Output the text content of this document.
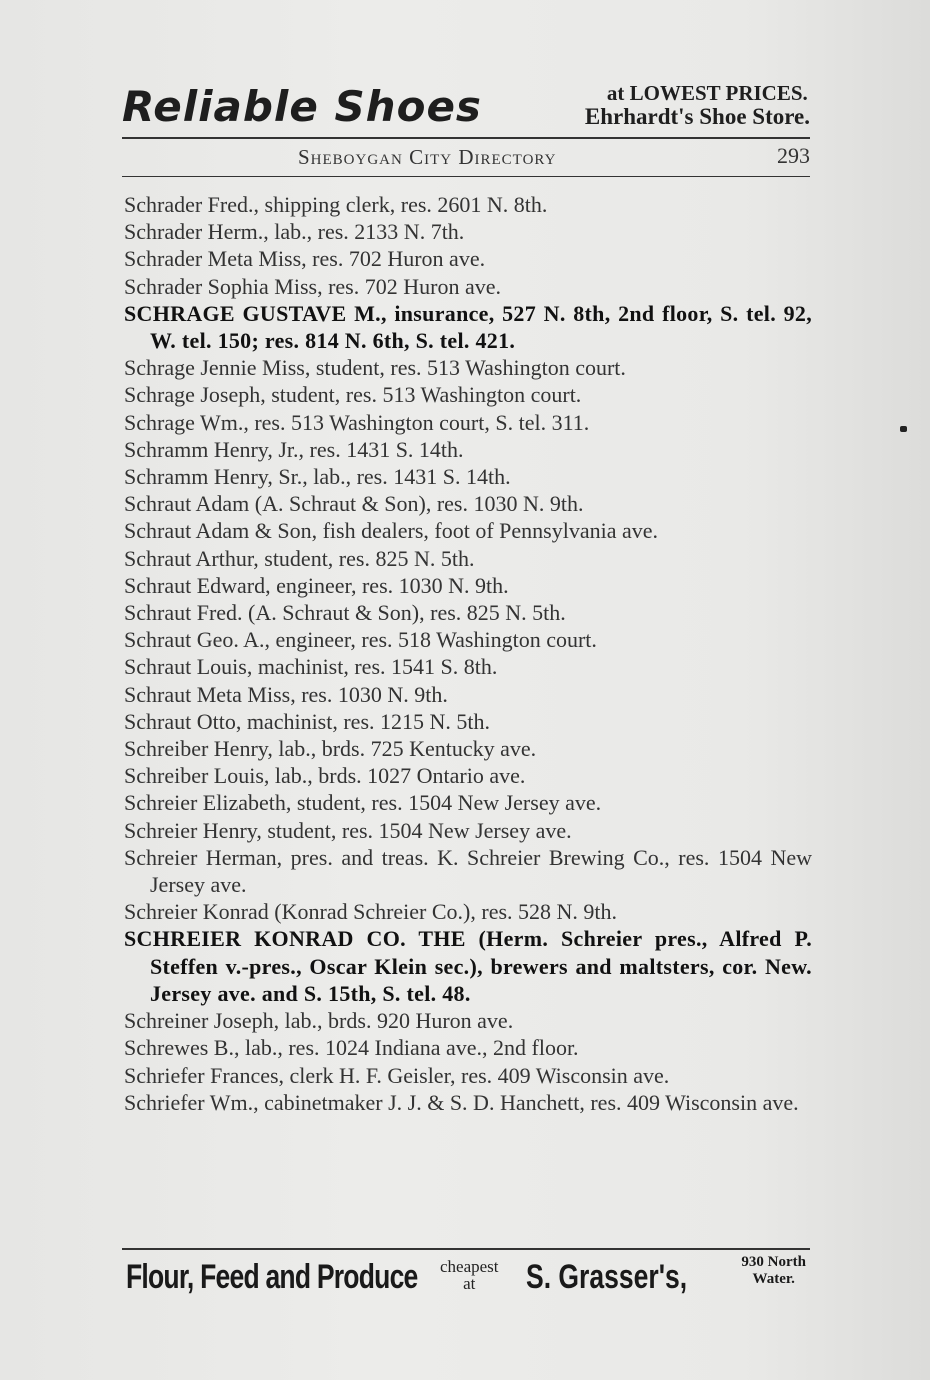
Reliable Shoes	at LOWEST PRICES.
Ehrhardt's Shoe Store.
Sheboygan City Directory	293

Schrader Fred., shipping clerk, res. 2601 N. 8th.

Schrader Herm., lab., res. 2133 N. 7th.

Schrader Meta Miss, res. 702 Huron ave.

Schrader Sophia Miss, res. 702 Huron ave.

SCHRAGE GUSTAVE M., insurance, 527 N. 8th, 2nd floor, S. tel. 92, W. tel. 150; res. 814 N. 6th, S. tel. 421.

Schrage Jennie Miss, student, res. 513 Washington court.

Schrage Joseph, student, res. 513 Washington court.

Schrage Wm., res. 513 Washington court, S. tel. 311.

Schramm Henry, Jr., res. 1431 S. 14th.

Schramm Henry, Sr., lab., res. 1431 S. 14th.

Schraut Adam (A. Schraut & Son), res. 1030 N. 9th.

Schraut Adam & Son, fish dealers, foot of Pennsylvania ave.

Schraut Arthur, student, res. 825 N. 5th.

Schraut Edward, engineer, res. 1030 N. 9th.

Schraut Fred. (A. Schraut & Son), res. 825 N. 5th.

Schraut Geo. A., engineer, res. 518 Washington court.

Schraut Louis, machinist, res. 1541 S. 8th.

Schraut Meta Miss, res. 1030 N. 9th.

Schraut Otto, machinist, res. 1215 N. 5th.

Schreiber Henry, lab., brds. 725 Kentucky ave.

Schreiber Louis, lab., brds. 1027 Ontario ave.

Schreier Elizabeth, student, res. 1504 New Jersey ave.

Schreier Henry, student, res. 1504 New Jersey ave.

Schreier Herman, pres. and treas. K. Schreier Brewing Co., res. 1504 New Jersey ave.

Schreier Konrad (Konrad Schreier Co.), res. 528 N. 9th.

SCHREIER KONRAD CO. THE (Herm. Schreier pres., Alfred P. Steffen v.-pres., Oscar Klein sec.), brewers and maltsters, cor. New. Jersey ave. and S. 15th, S. tel. 48.

Schreiner Joseph, lab., brds. 920 Huron ave.

Schrewes B., lab., res. 1024 Indiana ave., 2nd floor.

Schriefer Frances, clerk H. F. Geisler, res. 409 Wisconsin ave.

Schriefer Wm., cabinetmaker J. J. & S. D. Hanchett, res. 409 Wisconsin ave.

Flour, Feed and Produce cheapest
at	S. Grasser's,	930 North
Water.
